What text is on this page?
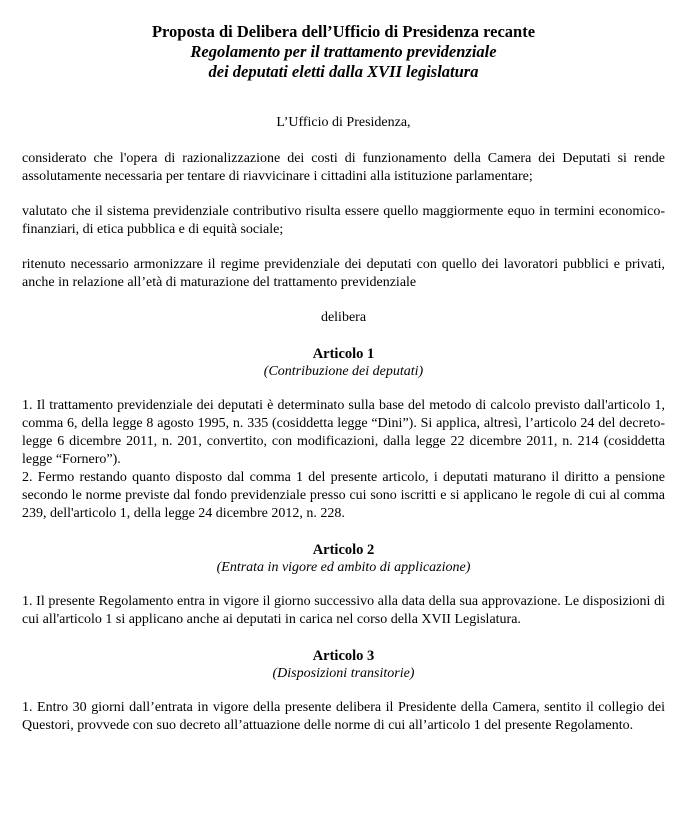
Proposta di Delibera dell’Ufficio di Presidenza recante

Regolamento per il trattamento previdenziale

dei deputati eletti dalla XVII legislatura

L’Ufficio di Presidenza,

considerato che l'opera di razionalizzazione dei costi di funzionamento della Camera dei Deputati si rende assolutamente necessaria per tentare di riavvicinare i cittadini alla istituzione parlamentare;

valutato che il sistema previdenziale contributivo risulta essere quello maggiormente equo in termini economico-finanziari, di etica pubblica e di equità sociale;

ritenuto necessario armonizzare il regime previdenziale dei deputati con quello dei lavoratori pubblici e privati, anche in relazione all’età di maturazione del trattamento previdenziale

delibera

Articolo 1

(Contribuzione dei deputati)

1. Il trattamento previdenziale dei deputati è determinato sulla base del metodo di calcolo previsto dall'articolo 1, comma 6, della legge 8 agosto 1995, n. 335 (cosiddetta legge “Dini”). Si applica, altresì, l’articolo 24 del decreto-legge 6 dicembre 2011, n. 201, convertito, con modificazioni, dalla legge 22 dicembre 2011, n. 214 (cosiddetta legge “Fornero”).

2. Fermo restando quanto disposto dal comma 1 del presente articolo, i deputati maturano il diritto a pensione secondo le norme previste dal fondo previdenziale presso cui sono iscritti e si applicano le regole di cui al comma 239, dell'articolo 1, della legge 24 dicembre 2012, n. 228.

Articolo 2

(Entrata in vigore ed ambito di applicazione)

1. Il presente Regolamento entra in vigore il giorno successivo alla data della sua approvazione. Le disposizioni di cui all'articolo 1 si applicano anche ai deputati in carica nel corso della XVII Legislatura.

Articolo 3

(Disposizioni transitorie)

1. Entro 30 giorni dall’entrata in vigore della presente delibera il Presidente della Camera, sentito il collegio dei Questori, provvede con suo decreto all’attuazione delle norme di cui all’articolo 1 del presente Regolamento.
